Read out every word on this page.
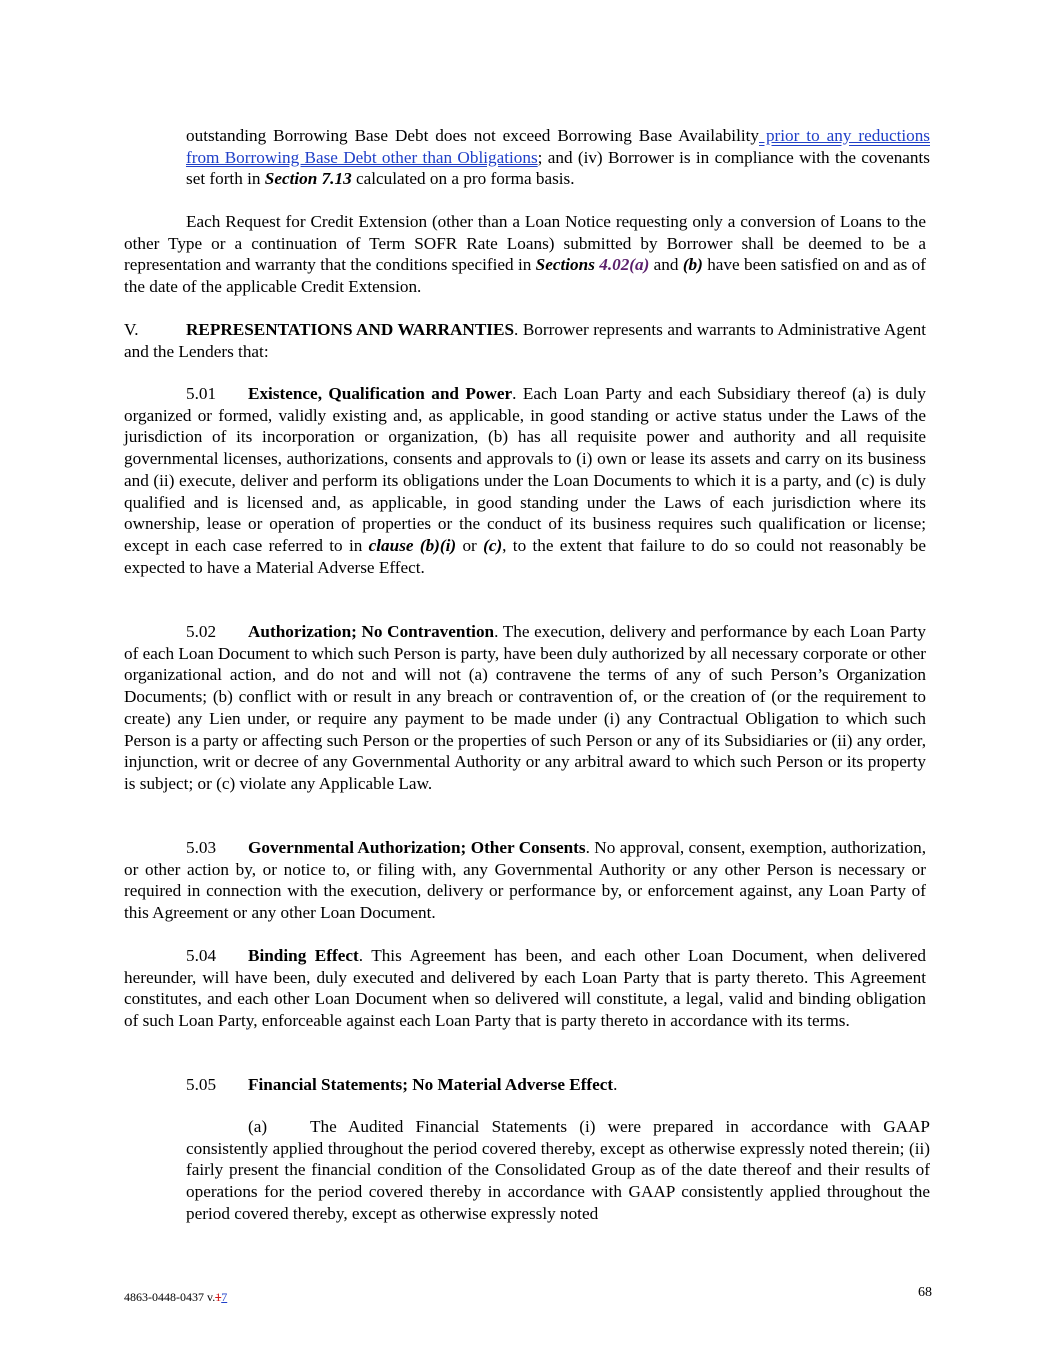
outstanding Borrowing Base Debt does not exceed Borrowing Base Availability prior to any reductions from Borrowing Base Debt other than Obligations; and (iv) Borrower is in compliance with the covenants set forth in Section 7.13 calculated on a pro forma basis.
Each Request for Credit Extension (other than a Loan Notice requesting only a conversion of Loans to the other Type or a continuation of Term SOFR Rate Loans) submitted by Borrower shall be deemed to be a representation and warranty that the conditions specified in Sections 4.02(a) and (b) have been satisfied on and as of the date of the applicable Credit Extension.
V.	REPRESENTATIONS AND WARRANTIES. Borrower represents and warrants to Administrative Agent and the Lenders that:
5.01 Existence, Qualification and Power. Each Loan Party and each Subsidiary thereof (a) is duly organized or formed, validly existing and, as applicable, in good standing or active status under the Laws of the jurisdiction of its incorporation or organization, (b) has all requisite power and authority and all requisite governmental licenses, authorizations, consents and approvals to (i) own or lease its assets and carry on its business and (ii) execute, deliver and perform its obligations under the Loan Documents to which it is a party, and (c) is duly qualified and is licensed and, as applicable, in good standing under the Laws of each jurisdiction where its ownership, lease or operation of properties or the conduct of its business requires such qualification or license; except in each case referred to in clause (b)(i) or (c), to the extent that failure to do so could not reasonably be expected to have a Material Adverse Effect.
5.02 Authorization; No Contravention. The execution, delivery and performance by each Loan Party of each Loan Document to which such Person is party, have been duly authorized by all necessary corporate or other organizational action, and do not and will not (a) contravene the terms of any of such Person’s Organization Documents; (b) conflict with or result in any breach or contravention of, or the creation of (or the requirement to create) any Lien under, or require any payment to be made under (i) any Contractual Obligation to which such Person is a party or affecting such Person or the properties of such Person or any of its Subsidiaries or (ii) any order, injunction, writ or decree of any Governmental Authority or any arbitral award to which such Person or its property is subject; or (c) violate any Applicable Law.
5.03 Governmental Authorization; Other Consents. No approval, consent, exemption, authorization, or other action by, or notice to, or filing with, any Governmental Authority or any other Person is necessary or required in connection with the execution, delivery or performance by, or enforcement against, any Loan Party of this Agreement or any other Loan Document.
5.04 Binding Effect. This Agreement has been, and each other Loan Document, when delivered hereunder, will have been, duly executed and delivered by each Loan Party that is party thereto. This Agreement constitutes, and each other Loan Document when so delivered will constitute, a legal, valid and binding obligation of such Loan Party, enforceable against each Loan Party that is party thereto in accordance with its terms.
5.05 Financial Statements; No Material Adverse Effect.
(a) The Audited Financial Statements (i) were prepared in accordance with GAAP consistently applied throughout the period covered thereby, except as otherwise expressly noted therein; (ii) fairly present the financial condition of the Consolidated Group as of the date thereof and their results of operations for the period covered thereby in accordance with GAAP consistently applied throughout the period covered thereby, except as otherwise expressly noted
4863-0448-0437 v.17	68
